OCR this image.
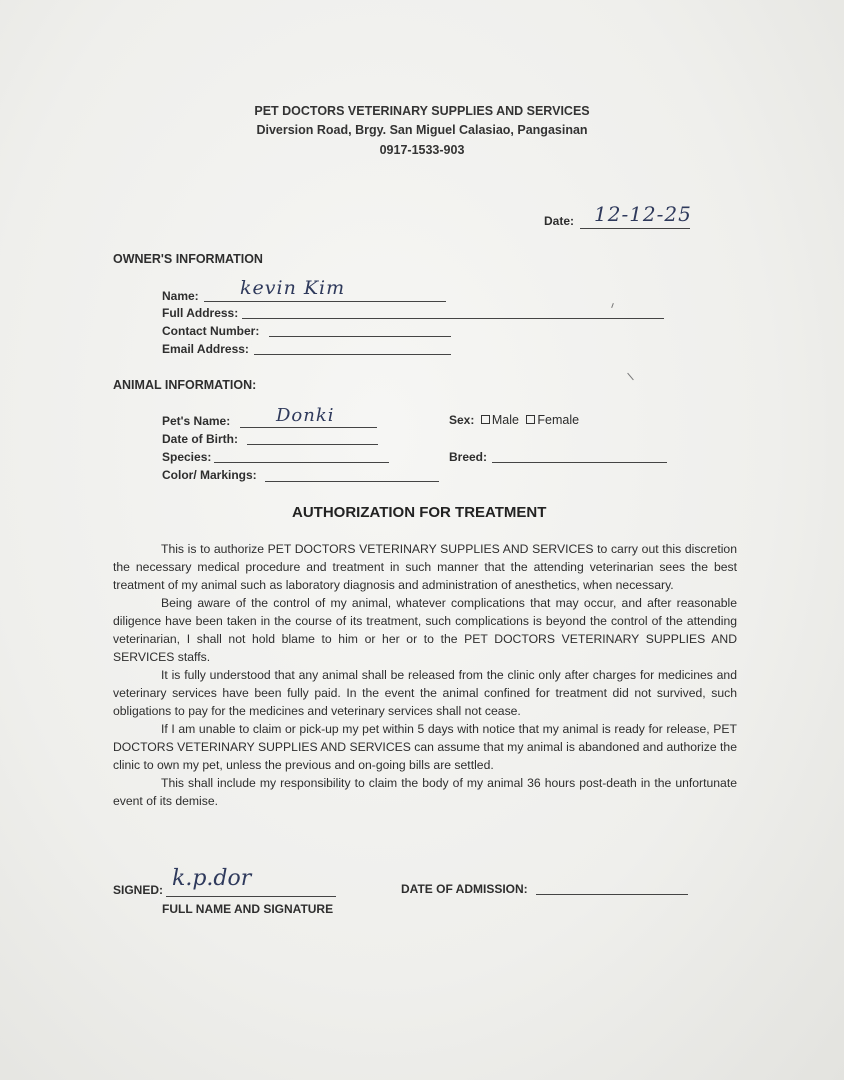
PET DOCTORS VETERINARY SUPPLIES AND SERVICES
Diversion Road, Brgy. San Miguel Calasiao, Pangasinan
0917-1533-903
Date: 12-12-25
OWNER'S INFORMATION
Name: kevin Kim
Full Address:
Contact Number:
Email Address:
ANIMAL INFORMATION:
Pet's Name:	Donki
Date of Birth:
Species:
Color/ Markings:
Sex: Male Female
Breed:
AUTHORIZATION FOR TREATMENT

This is to authorize PET DOCTORS VETERINARY SUPPLIES AND SERVICES to carry out this discretion the necessary medical procedure and treatment in such manner that the attending veterinarian sees the best treatment of my animal such as laboratory diagnosis and administration of anesthetics, when necessary.

Being aware of the control of my animal, whatever complications that may occur, and after reasonable diligence have been taken in the course of its treatment, such complications is beyond the control of the attending veterinarian, I shall not hold blame to him or her or to the PET DOCTORS VETERINARY SUPPLIES AND SERVICES staffs.

It is fully understood that any animal shall be released from the clinic only after charges for medicines and veterinary services have been fully paid. In the event the animal confined for treatment did not survived, such obligations to pay for the medicines and veterinary services shall not cease.

If I am unable to claim or pick-up my pet within 5 days with notice that my animal is ready for release, PET DOCTORS VETERINARY SUPPLIES AND SERVICES can assume that my animal is abandoned and authorize the clinic to own my pet, unless the previous and on-going bills are settled.

This shall include my responsibility to claim the body of my animal 36 hours post-death in the unfortunate event of its demise.

SIGNED: k.p.dor
FULL NAME AND SIGNATURE
DATE OF ADMISSION:
